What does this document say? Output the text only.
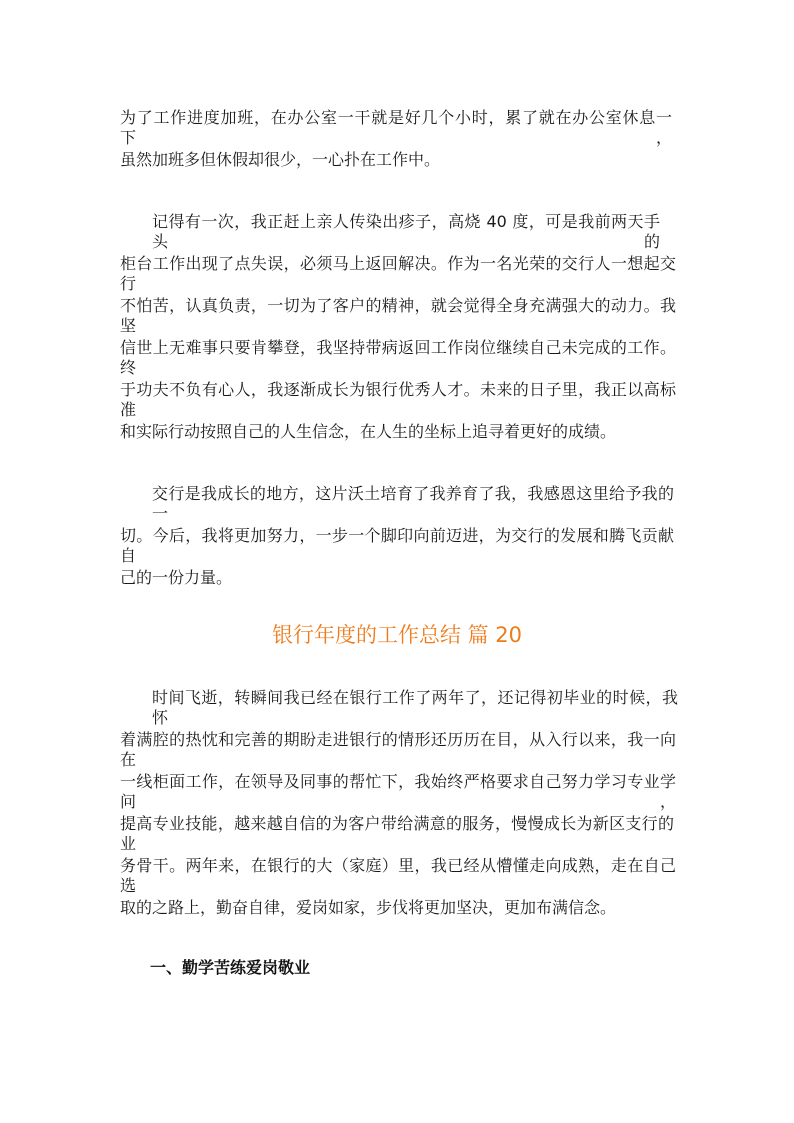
为了工作进度加班，在办公室一干就是好几个小时，累了就在办公室休息一下，
虽然加班多但休假却很少，一心扑在工作中。
记得有一次，我正赶上亲人传染出疹子，高烧 40 度，可是我前两天手头的
柜台工作出现了点失误，必须马上返回解决。作为一名光荣的交行人一想起交行
不怕苦，认真负责，一切为了客户的精神，就会觉得全身充满强大的动力。我坚
信世上无难事只要肯攀登，我坚持带病返回工作岗位继续自己未完成的工作。终
于功夫不负有心人，我逐渐成长为银行优秀人才。未来的日子里，我正以高标准
和实际行动按照自己的人生信念，在人生的坐标上追寻着更好的成绩。
交行是我成长的地方，这片沃土培育了我养育了我，我感恩这里给予我的一
切。今后，我将更加努力，一步一个脚印向前迈进，为交行的发展和腾飞贡献自
己的一份力量。
银行年度的工作总结 篇 20
时间飞逝，转瞬间我已经在银行工作了两年了，还记得初毕业的时候，我怀
着满腔的热忱和完善的期盼走进银行的情形还历历在目，从入行以来，我一向在
一线柜面工作，在领导及同事的帮忙下，我始终严格要求自己努力学习专业学问，
提高专业技能，越来越自信的为客户带给满意的服务，慢慢成长为新区支行的业
务骨干。两年来，在银行的大（家庭）里，我已经从懵懂走向成熟，走在自己选
取的之路上，勤奋自律，爱岗如家，步伐将更加坚决，更加布满信念。
一、勤学苦练爱岗敬业
